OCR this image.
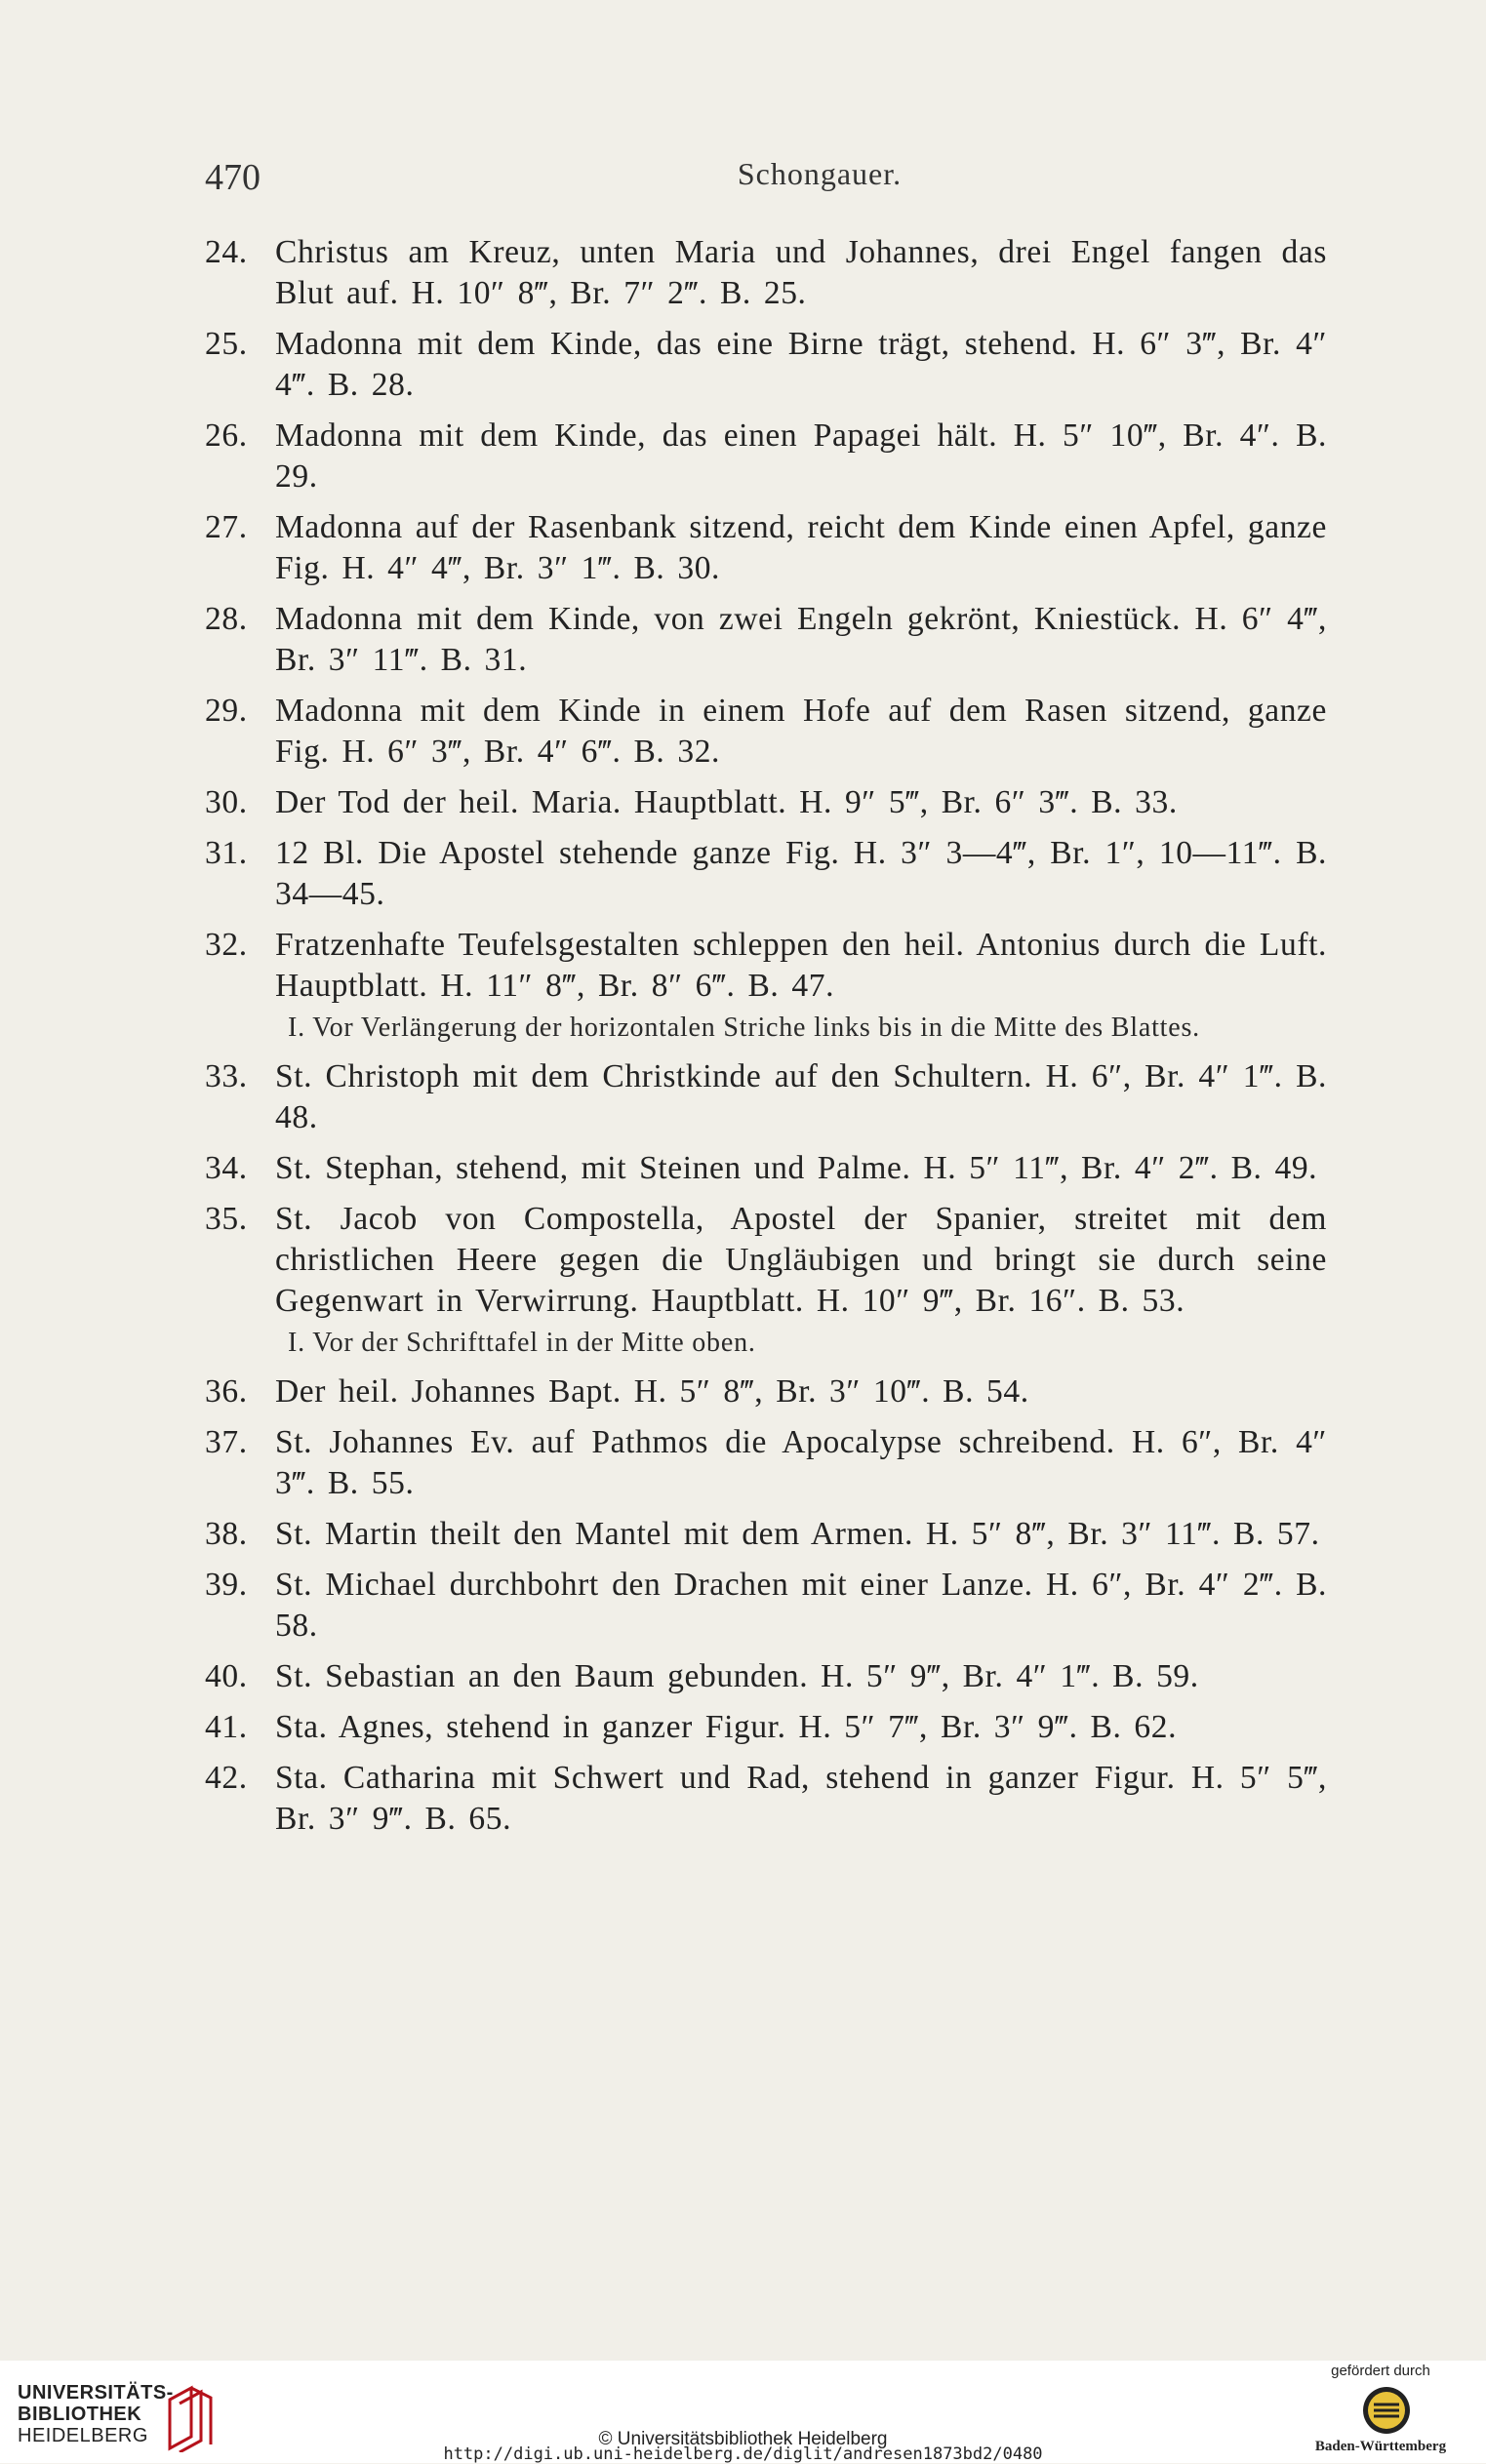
470	Schongauer.
24. Christus am Kreuz, unten Maria und Johannes, drei Engel fangen das Blut auf. H. 10″ 8‴, Br. 7″ 2‴. B. 25.
25. Madonna mit dem Kinde, das eine Birne trägt, stehend. H. 6″ 3‴, Br. 4″ 4‴. B. 28.
26. Madonna mit dem Kinde, das einen Papagei hält. H. 5″ 10‴, Br. 4″. B. 29.
27. Madonna auf der Rasenbank sitzend, reicht dem Kinde einen Apfel, ganze Fig. H. 4″ 4‴, Br. 3″ 1‴. B. 30.
28. Madonna mit dem Kinde, von zwei Engeln gekrönt, Kniestück. H. 6″ 4‴, Br. 3″ 11‴. B. 31.
29. Madonna mit dem Kinde in einem Hofe auf dem Rasen sitzend, ganze Fig. H. 6″ 3‴, Br. 4″ 6‴. B. 32.
30. Der Tod der heil. Maria. Hauptblatt. H. 9″ 5‴, Br. 6″ 3‴. B. 33.
31. 12 Bl. Die Apostel stehende ganze Fig. H. 3″ 3—4‴, Br. 1″, 10—11‴. B. 34—45.
32. Fratzenhafte Teufelsgestalten schleppen den heil. Antonius durch die Luft. Hauptblatt. H. 11″ 8‴, Br. 8″ 6‴. B. 47.
I. Vor Verlängerung der horizontalen Striche links bis in die Mitte des Blattes.
33. St. Christoph mit dem Christkinde auf den Schultern. H. 6″, Br. 4″ 1‴. B. 48.
34. St. Stephan, stehend, mit Steinen und Palme. H. 5″ 11‴, Br. 4″ 2‴. B. 49.
35. St. Jacob von Compostella, Apostel der Spanier, streitet mit dem christlichen Heere gegen die Ungläubigen und bringt sie durch seine Gegenwart in Verwirrung. Hauptblatt. H. 10″ 9‴, Br. 16″. B. 53.
I. Vor der Schrifttafel in der Mitte oben.
36. Der heil. Johannes Bapt. H. 5″ 8‴, Br. 3″ 10‴. B. 54.
37. St. Johannes Ev. auf Pathmos die Apocalypse schreibend. H. 6″, Br. 4″ 3‴. B. 55.
38. St. Martin theilt den Mantel mit dem Armen. H. 5″ 8‴, Br. 3″ 11‴. B. 57.
39. St. Michael durchbohrt den Drachen mit einer Lanze. H. 6″, Br. 4″ 2‴. B. 58.
40. St. Sebastian an den Baum gebunden. H. 5″ 9‴, Br. 4″ 1‴. B. 59.
41. Sta. Agnes, stehend in ganzer Figur. H. 5″ 7‴, Br. 3″ 9‴. B. 62.
42. Sta. Catharina mit Schwert und Rad, stehend in ganzer Figur. H. 5″ 5‴, Br. 3″ 9‴. B. 65.
UNIVERSITÄTS-
BIBLIOTHEK
HEIDELBERG	© Universitätsbibliothek Heidelberg
http://digi.ub.uni-heidelberg.de/diglit/andresen1873bd2/0480
gefördert durch
Baden-Württemberg
